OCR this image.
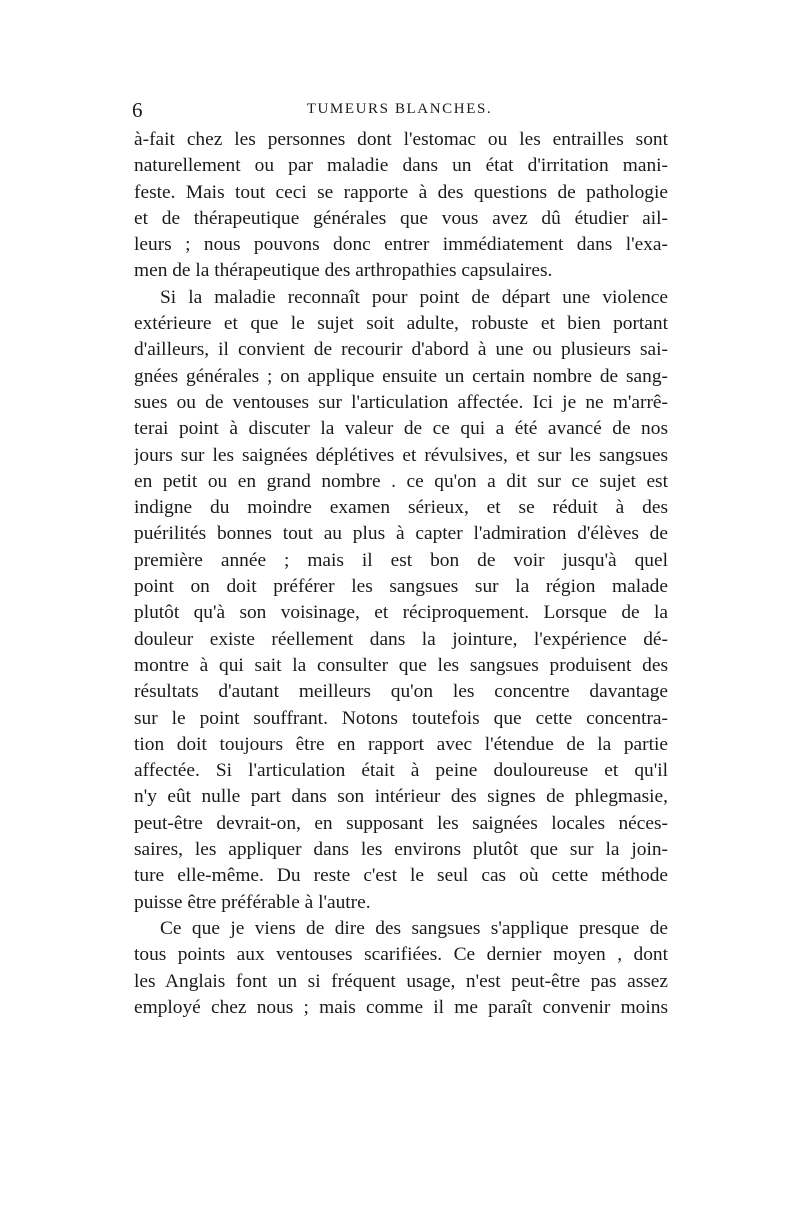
6	TUMEURS BLANCHES.
à-fait chez les personnes dont l'estomac ou les entrailles sont
naturellement ou par maladie dans un état d'irritation mani-
feste. Mais tout ceci se rapporte à des questions de pathologie
et de thérapeutique générales que vous avez dû étudier ail-
leurs ; nous pouvons donc entrer immédiatement dans l'exa-
men de la thérapeutique des arthropathies capsulaires.
Si la maladie reconnaît pour point de départ une violence
extérieure et que le sujet soit adulte, robuste et bien portant
d'ailleurs, il convient de recourir d'abord à une ou plusieurs sai-
gnées générales ; on applique ensuite un certain nombre de sang-
sues ou de ventouses sur l'articulation affectée. Ici je ne m'arrê-
terai point à discuter la valeur de ce qui a été avancé de nos
jours sur les saignées déplétives et révulsives, et sur les sangsues
en petit ou en grand nombre . ce qu'on a dit sur ce sujet est
indigne du moindre examen sérieux, et se réduit à des
puérilités bonnes tout au plus à capter l'admiration d'élèves de
première année ; mais il est bon de voir jusqu'à quel
point on doit préférer les sangsues sur la région malade
plutôt qu'à son voisinage, et réciproquement. Lorsque de la
douleur existe réellement dans la jointure, l'expérience dé-
montre à qui sait la consulter que les sangsues produisent des
résultats d'autant meilleurs qu'on les concentre davantage
sur le point souffrant. Notons toutefois que cette concentra-
tion doit toujours être en rapport avec l'étendue de la partie
affectée. Si l'articulation était à peine douloureuse et qu'il
n'y eût nulle part dans son intérieur des signes de phlegmasie,
peut-être devrait-on, en supposant les saignées locales néces-
saires, les appliquer dans les environs plutôt que sur la join-
ture elle-même. Du reste c'est le seul cas où cette méthode
puisse être préférable à l'autre.
Ce que je viens de dire des sangsues s'applique presque de
tous points aux ventouses scarifiées. Ce dernier moyen , dont
les Anglais font un si fréquent usage, n'est peut-être pas assez
employé chez nous ; mais comme il me paraît convenir moins
